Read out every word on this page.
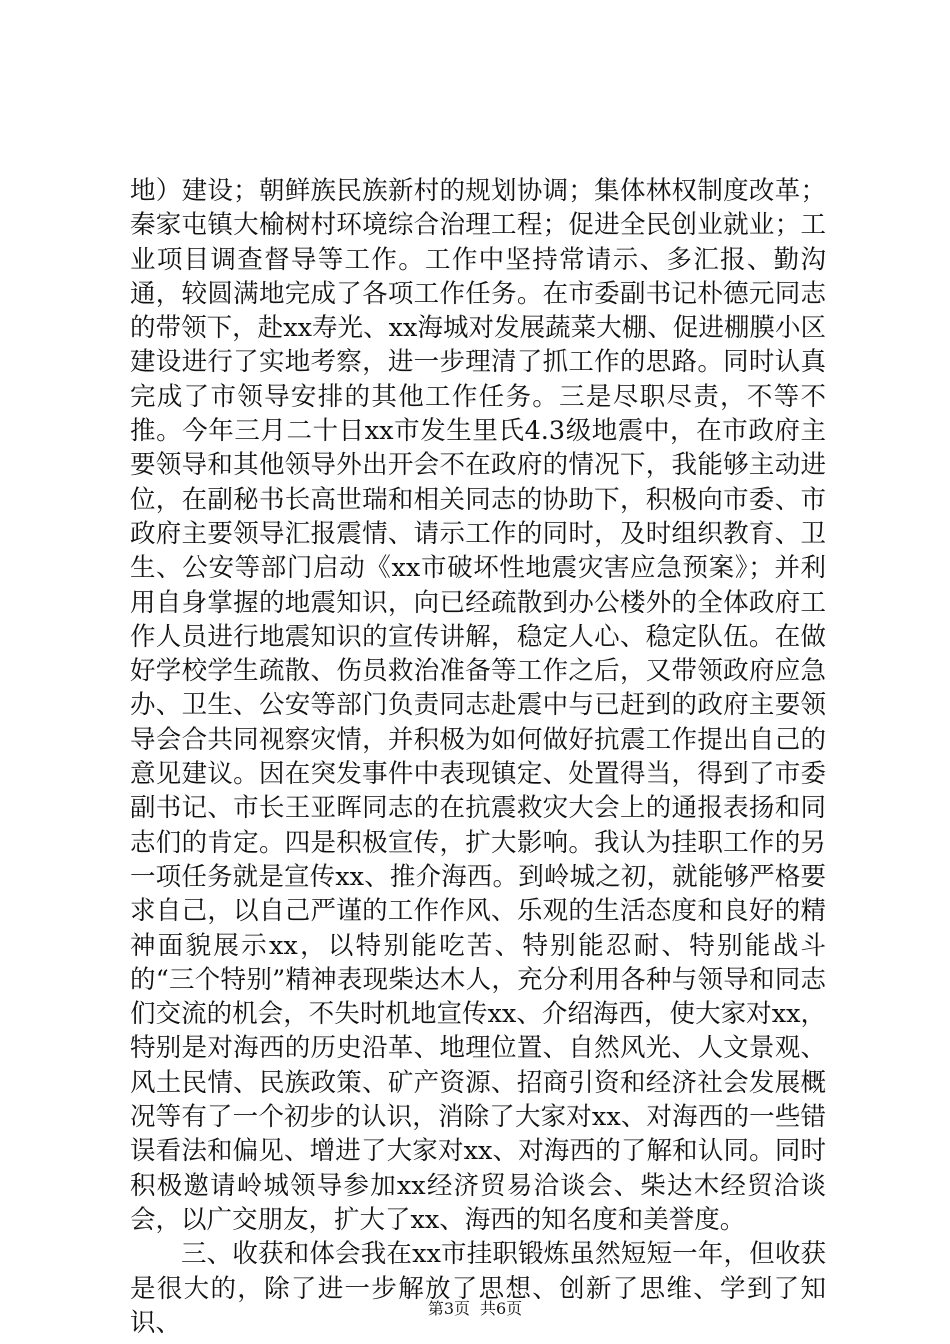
地）建设；朝鲜族民族新村的规划协调；集体林权制度改革；秦家屯镇大榆树村环境综合治理工程；促进全民创业就业；工业项目调查督导等工作。工作中坚持常请示、多汇报、勤沟通，较圆满地完成了各项工作任务。在市委副书记朴德元同志的带领下，赴xx寿光、xx海城对发展蔬菜大棚、促进棚膜小区建设进行了实地考察，进一步理清了抓工作的思路。同时认真完成了市领导安排的其他工作任务。三是尽职尽责，不等不推。今年三月二十日xx市发生里氏4.3级地震中，在市政府主要领导和其他领导外出开会不在政府的情况下，我能够主动进位，在副秘书长高世瑞和相关同志的协助下，积极向市委、市政府主要领导汇报震情、请示工作的同时，及时组织教育、卫生、公安等部门启动《xx市破坏性地震灾害应急预案》；并利用自身掌握的地震知识，向已经疏散到办公楼外的全体政府工作人员进行地震知识的宣传讲解，稳定人心、稳定队伍。在做好学校学生疏散、伤员救治准备等工作之后，又带领政府应急办、卫生、公安等部门负责同志赴震中与已赶到的政府主要领导会合共同视察灾情，并积极为如何做好抗震工作提出自己的意见建议。因在突发事件中表现镇定、处置得当，得到了市委副书记、市长王亚晖同志的在抗震救灾大会上的通报表扬和同志们的肯定。四是积极宣传，扩大影响。我认为挂职工作的另一项任务就是宣传xx、推介海西。到岭城之初，就能够严格要求自己，以自己严谨的工作作风、乐观的生活态度和良好的精神面貌展示xx，以特别能吃苦、特别能忍耐、特别能战斗的“三个特别”精神表现柴达木人，充分利用各种与领导和同志们交流的机会，不失时机地宣传xx、介绍海西，使大家对xx，特别是对海西的历史沿革、地理位置、自然风光、人文景观、风土民情、民族政策、矿产资源、招商引资和经济社会发展概况等有了一个初步的认识，消除了大家对xx、对海西的一些错误看法和偏见、增进了大家对xx、对海西的了解和认同。同时积极邀请岭城领导参加xx经济贸易洽谈会、柴达木经贸洽谈会，以广交朋友，扩大了xx、海西的知名度和美誉度。

三、收获和体会我在xx市挂职锻炼虽然短短一年，但收获是很大的，除了进一步解放了思想、创新了思维、学到了知识、	第3页 共6页
